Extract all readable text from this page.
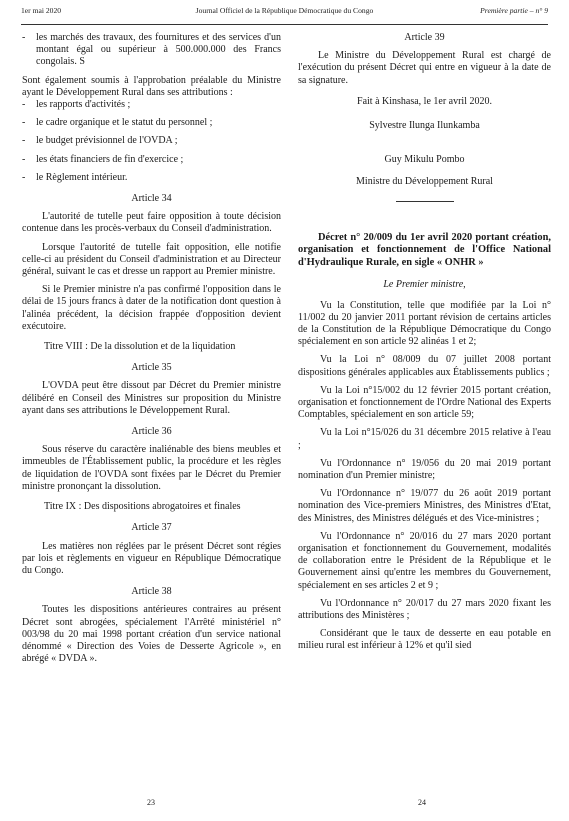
1er mai 2020	Journal Officiel de la République Démocratique du Congo	Première partie – n° 9
- les marchés des travaux, des fournitures et des services d'un montant égal ou supérieur à 500.000.000 des Francs congolais. S

Sont également soumis à l'approbation préalable du Ministre ayant le Développement Rural dans ses attributions :

- les rapports d'activités ;
- le cadre organique et le statut du personnel ;
- le budget prévisionnel de l'OVDA ;
- les états financiers de fin d'exercice ;
- le Règlement intérieur.

Article 34

L'autorité de tutelle peut faire opposition à toute décision contenue dans les procès-verbaux du Conseil d'administration.

Lorsque l'autorité de tutelle fait opposition, elle notifie celle-ci au président du Conseil d'administration et au Directeur général, suivant le cas et dresse un rapport au Premier ministre.

Si le Premier ministre n'a pas confirmé l'opposition dans le délai de 15 jours francs à dater de la notification dont question à l'alinéa précédent, la décision frappée d'opposition devient exécutoire.

Titre VIII : De la dissolution et de la liquidation

Article 35

L'OVDA peut être dissout par Décret du Premier ministre délibéré en Conseil des Ministres sur proposition du Ministre ayant dans ses attributions le Développement Rural.

Article 36

Sous réserve du caractère inaliénable des biens meubles et immeubles de l'Établissement public, la procédure et les règles de liquidation de l'OVDA sont fixées par le Décret du Premier ministre prononçant la dissolution.

Titre IX : Des dispositions abrogatoires et finales

Article 37

Les matières non réglées par le présent Décret sont régies par lois et règlements en vigueur en République Démocratique du Congo.

Article 38

Toutes les dispositions antérieures contraires au présent Décret sont abrogées, spécialement l'Arrêté ministériel n° 003/98 du 20 mai 1998 portant création d'un service national dénommé « Direction des Voies de Desserte Agricole », en abrégé « DVDA ».

Article 39

Le Ministre du Développement Rural est chargé de l'exécution du présent Décret qui entre en vigueur à la date de sa signature.

Fait à Kinshasa, le 1er avril 2020.

Sylvestre Ilunga Ilunkamba

Guy Mikulu Pombo

Ministre du Développement Rural

Décret n° 20/009 du 1er avril 2020 portant création, organisation et fonctionnement de l'Office National d'Hydraulique Rurale, en sigle « ONHR »

Le Premier ministre,

Vu la Constitution, telle que modifiée par la Loi n° 11/002 du 20 janvier 2011 portant révision de certains articles de la Constitution de la République Démocratique du Congo spécialement en son article 92 alinéas 1 et 2;

Vu la Loi n° 08/009 du 07 juillet 2008 portant dispositions générales applicables aux Établissements publics ;

Vu la Loi n°15/002 du 12 février 2015 portant création, organisation et fonctionnement de l'Ordre National des Experts Comptables, spécialement en son article 59;

Vu la Loi n°15/026 du 31 décembre 2015 relative à l'eau ;

Vu l'Ordonnance n° 19/056 du 20 mai 2019 portant nomination d'un Premier ministre;

Vu l'Ordonnance n° 19/077 du 26 août 2019 portant nomination des Vice-premiers Ministres, des Ministres d'Etat, des Ministres, des Ministres délégués et des Vice-ministres ;

Vu l'Ordonnance n° 20/016 du 27 mars 2020 portant organisation et fonctionnement du Gouvernement, modalités de collaboration entre le Président de la République et le Gouvernement ainsi qu'entre les membres du Gouvernement, spécialement en ses articles 2 et 9 ;

Vu l'Ordonnance n° 20/017 du 27 mars 2020 fixant les attributions des Ministères ;

Considérant que le taux de desserte en eau potable en milieu rural est inférieur à 12% et qu'il sied

23	24
